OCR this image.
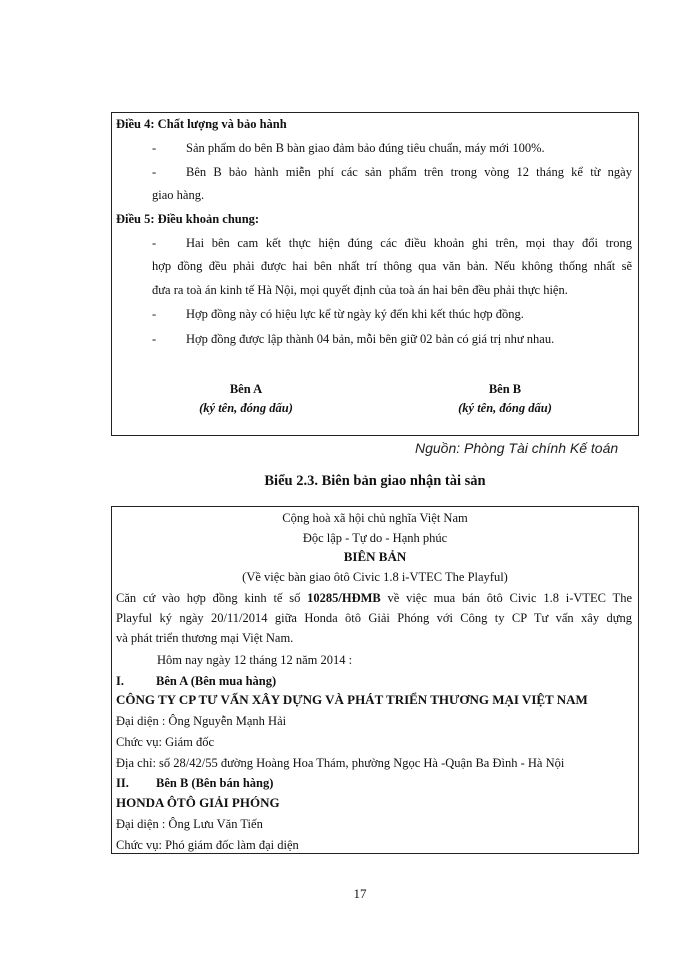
Điều 4: Chất lượng và bảo hành
- Sản phẩm do bên B bàn giao đảm bảo đúng tiêu chuẩn, máy mới 100%.
- Bên B bảo hành miễn phí các sản phẩm trên trong vòng 12 tháng kể từ ngày
giao hàng.
Điều 5: Điều khoản chung:
- Hai bên cam kết thực hiện đúng các điều khoản ghi trên, mọi thay đổi trong
hợp đồng đều phải được hai bên nhất trí thông qua văn bản. Nếu không thống nhất sẽ
đưa ra toà án kinh tế Hà Nội, mọi quyết định của toà án hai bên đều phải thực hiện.
- Hợp đồng này có hiệu lực kể từ ngày ký đến khi kết thúc hợp đồng.
- Hợp đồng được lập thành 04 bản, mỗi bên giữ 02 bản có giá trị như nhau.
Bên A
(ký tên, đóng dấu)
Bên B
(ký tên, đóng dấu)
Nguồn: Phòng Tài chính Kế toán
Biểu 2.3. Biên bản giao nhận tài sản
Cộng hoà xã hội chủ nghĩa Việt Nam
Độc lập - Tự do - Hạnh phúc
BIÊN BẢN
(Về việc bàn giao ôtô Civic 1.8 i-VTEC The Playful)
Căn cứ vào hợp đồng kinh tế số 10285/HĐMB về việc mua bán ôtô Civic 1.8 i-VTEC The
Playful ký ngày 20/11/2014 giữa Honda ôtô Giải Phóng với Công ty CP Tư vấn xây dựng
và phát triển thương mại Việt Nam.
Hôm nay ngày 12 tháng 12 năm 2014 :
I.	Bên A (Bên mua hàng)
CÔNG TY CP TƯ VẤN XÂY DỰNG VÀ PHÁT TRIỂN THƯƠNG MẠI VIỆT NAM
Đại diện : Ông Nguyễn Mạnh Hải
Chức vụ: Giám đốc
Địa chỉ: số 28/42/55 đường Hoàng Hoa Thám, phường Ngọc Hà -Quận Ba Đình - Hà Nội
II. Bên B (Bên bán hàng)
HONDA ÔTÔ GIẢI PHÓNG
Đại diện : Ông Lưu Văn Tiến
Chức vụ: Phó giám đốc làm đại diện
17
